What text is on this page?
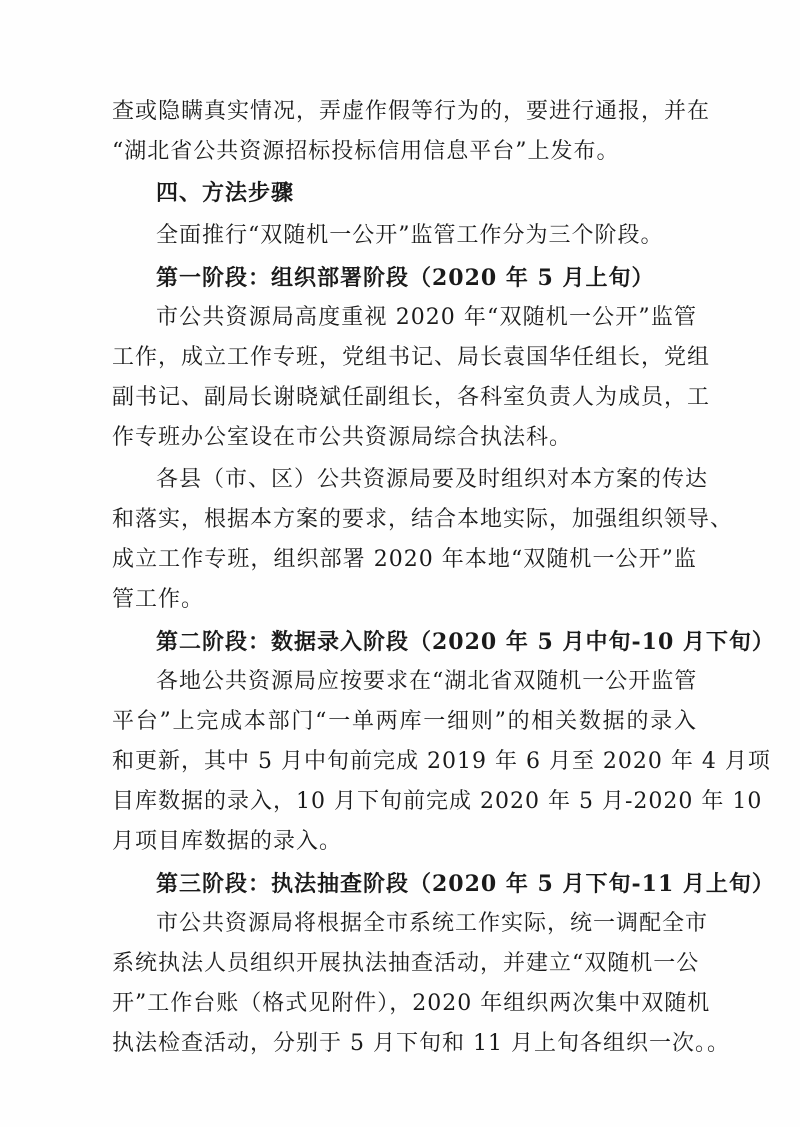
查或隐瞒真实情况，弄虚作假等行为的，要进行通报，并在
“湖北省公共资源招标投标信用信息平台”上发布。
四、方法步骤
全面推行“双随机一公开”监管工作分为三个阶段。
第一阶段：组织部署阶段（2020 年 5 月上旬）
市公共资源局高度重视 2020 年“双随机一公开”监管
工作，成立工作专班，党组书记、局长袁国华任组长，党组
副书记、副局长谢晓斌任副组长，各科室负责人为成员，工
作专班办公室设在市公共资源局综合执法科。
各县（市、区）公共资源局要及时组织对本方案的传达
和落实，根据本方案的要求，结合本地实际，加强组织领导、
成立工作专班，组织部署 2020 年本地“双随机一公开”监
管工作。
第二阶段：数据录入阶段（2020 年 5 月中旬-10 月下旬）
各地公共资源局应按要求在“湖北省双随机一公开监管
平台”上完成本部门“一单两库一细则”的相关数据的录入
和更新，其中 5 月中旬前完成 2019 年 6 月至 2020 年 4 月项
目库数据的录入，10 月下旬前完成 2020 年 5 月-2020 年 10
月项目库数据的录入。
第三阶段：执法抽查阶段（2020 年 5 月下旬-11 月上旬）
市公共资源局将根据全市系统工作实际，统一调配全市
系统执法人员组织开展执法抽查活动，并建立“双随机一公
开”工作台账（格式见附件），2020 年组织两次集中双随机
执法检查活动，分别于 5 月下旬和 11 月上旬各组织一次。。
